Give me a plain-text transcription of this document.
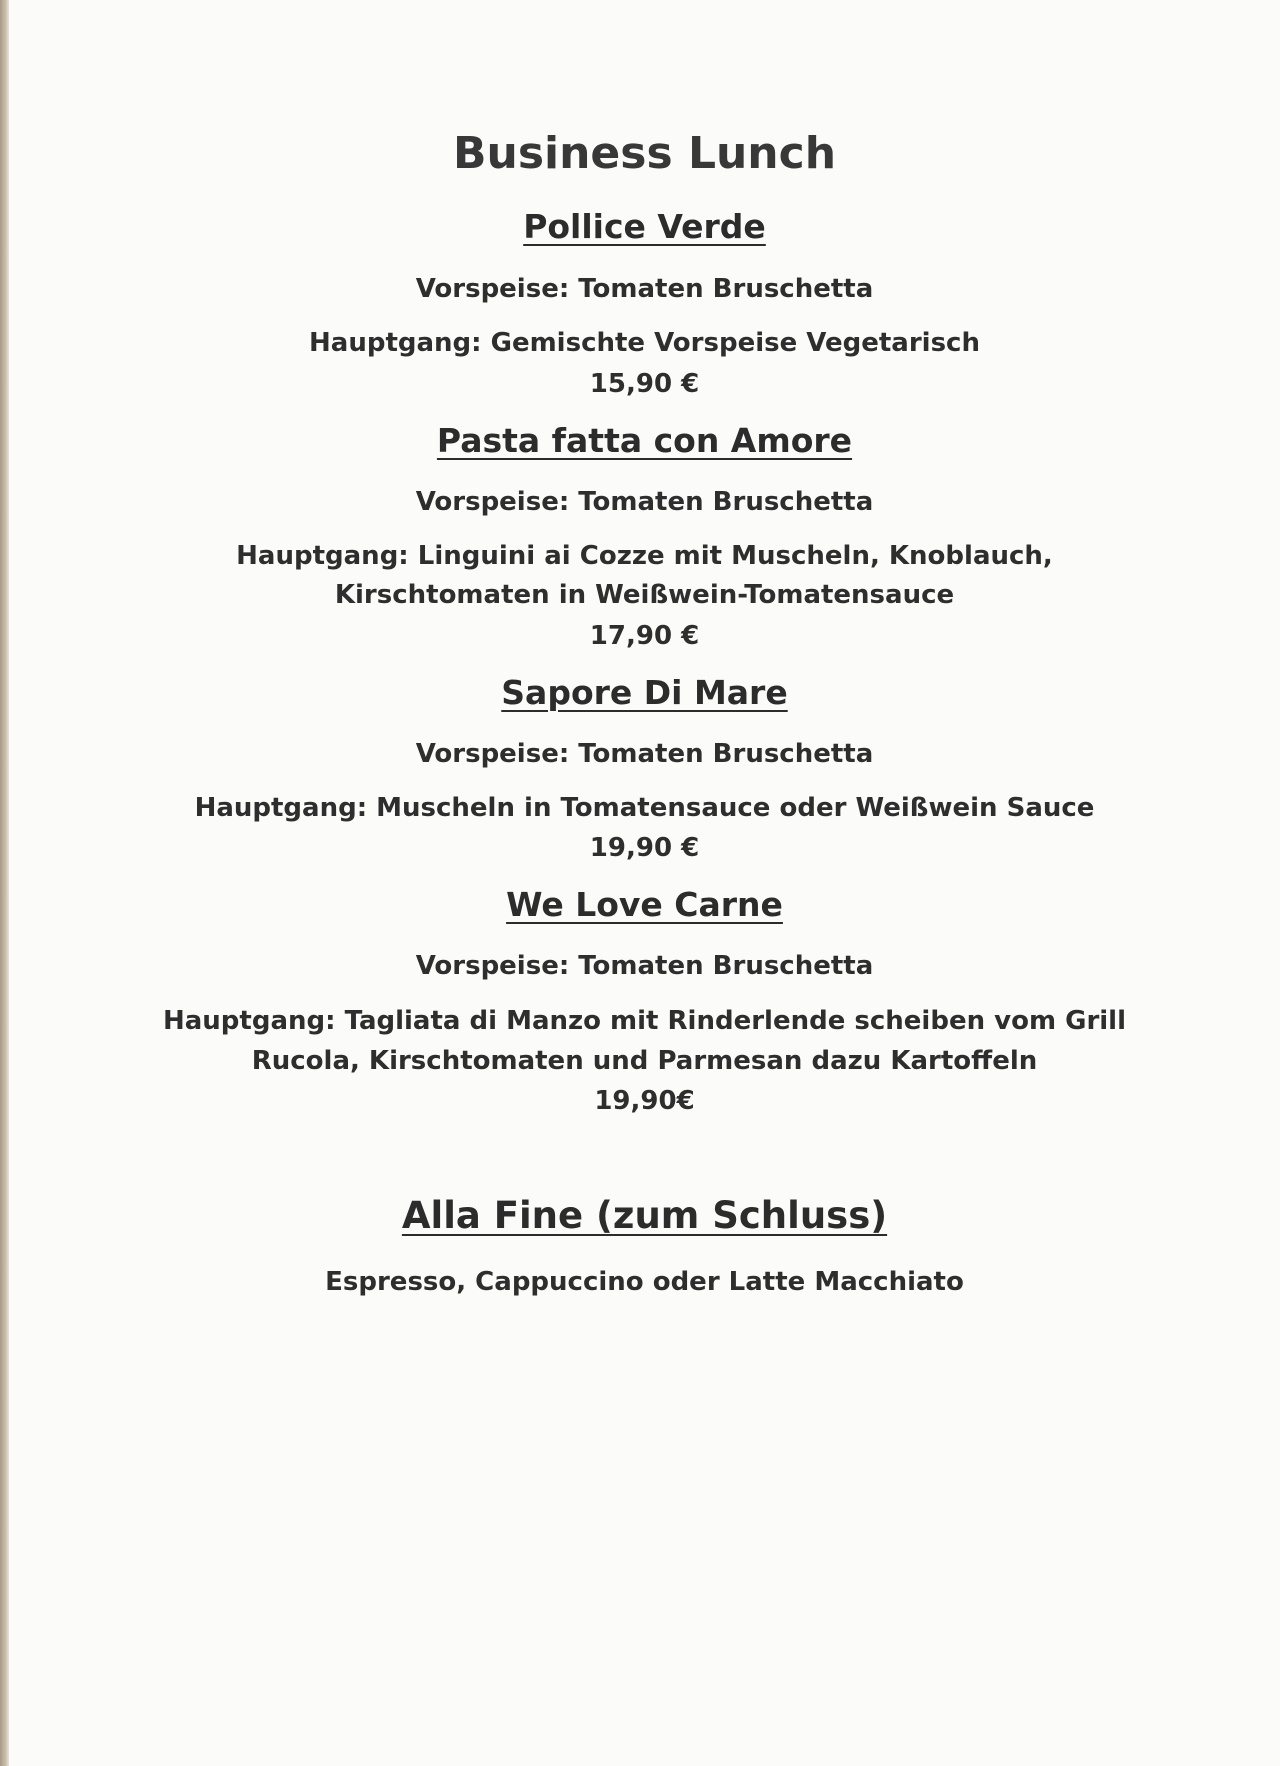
Business Lunch
Pollice Verde

Vorspeise: Tomaten Bruschetta

Hauptgang: Gemischte Vorspeise Vegetarisch

15,90 €

Pasta fatta con Amore

Vorspeise: Tomaten Bruschetta

Hauptgang: Linguini ai Cozze mit Muscheln, Knoblauch,

Kirschtomaten in Weißwein-Tomatensauce

17,90 €

Sapore Di Mare

Vorspeise: Tomaten Bruschetta

Hauptgang: Muscheln in Tomatensauce oder Weißwein Sauce

19,90 €

We Love Carne

Vorspeise: Tomaten Bruschetta

Hauptgang: Tagliata di Manzo mit Rinderlende scheiben vom Grill

Rucola, Kirschtomaten und Parmesan dazu Kartoffeln

19,90€

Alla Fine (zum Schluss)

Espresso, Cappuccino oder Latte Macchiato
